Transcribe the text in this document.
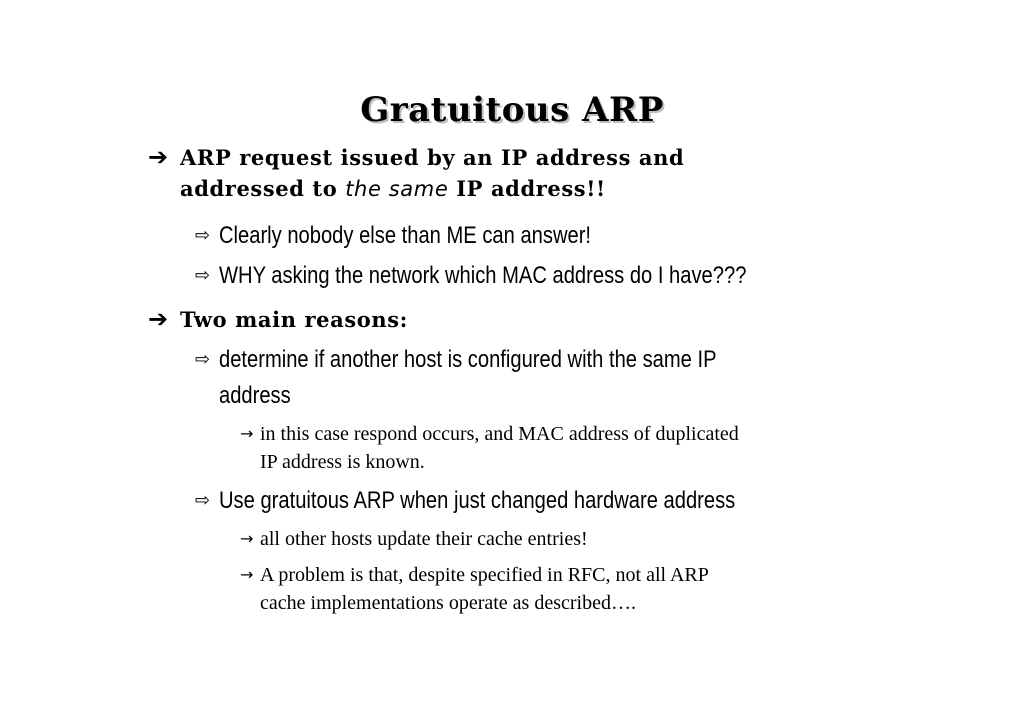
Gratuitous ARP
➔ ARP request issued by an IP address and
addressed to the same IP address!!
⇨ Clearly nobody else than ME can answer!
⇨ WHY asking the network which MAC address do I have???
➔ Two main reasons:
⇨ determine if another host is configured with the same IP
address
→ in this case respond occurs, and MAC address of duplicated
IP address is known.
⇨ Use gratuitous ARP when just changed hardware address
→ all other hosts update their cache entries!
→ A problem is that, despite specified in RFC, not all ARP
cache implementations operate as described….
